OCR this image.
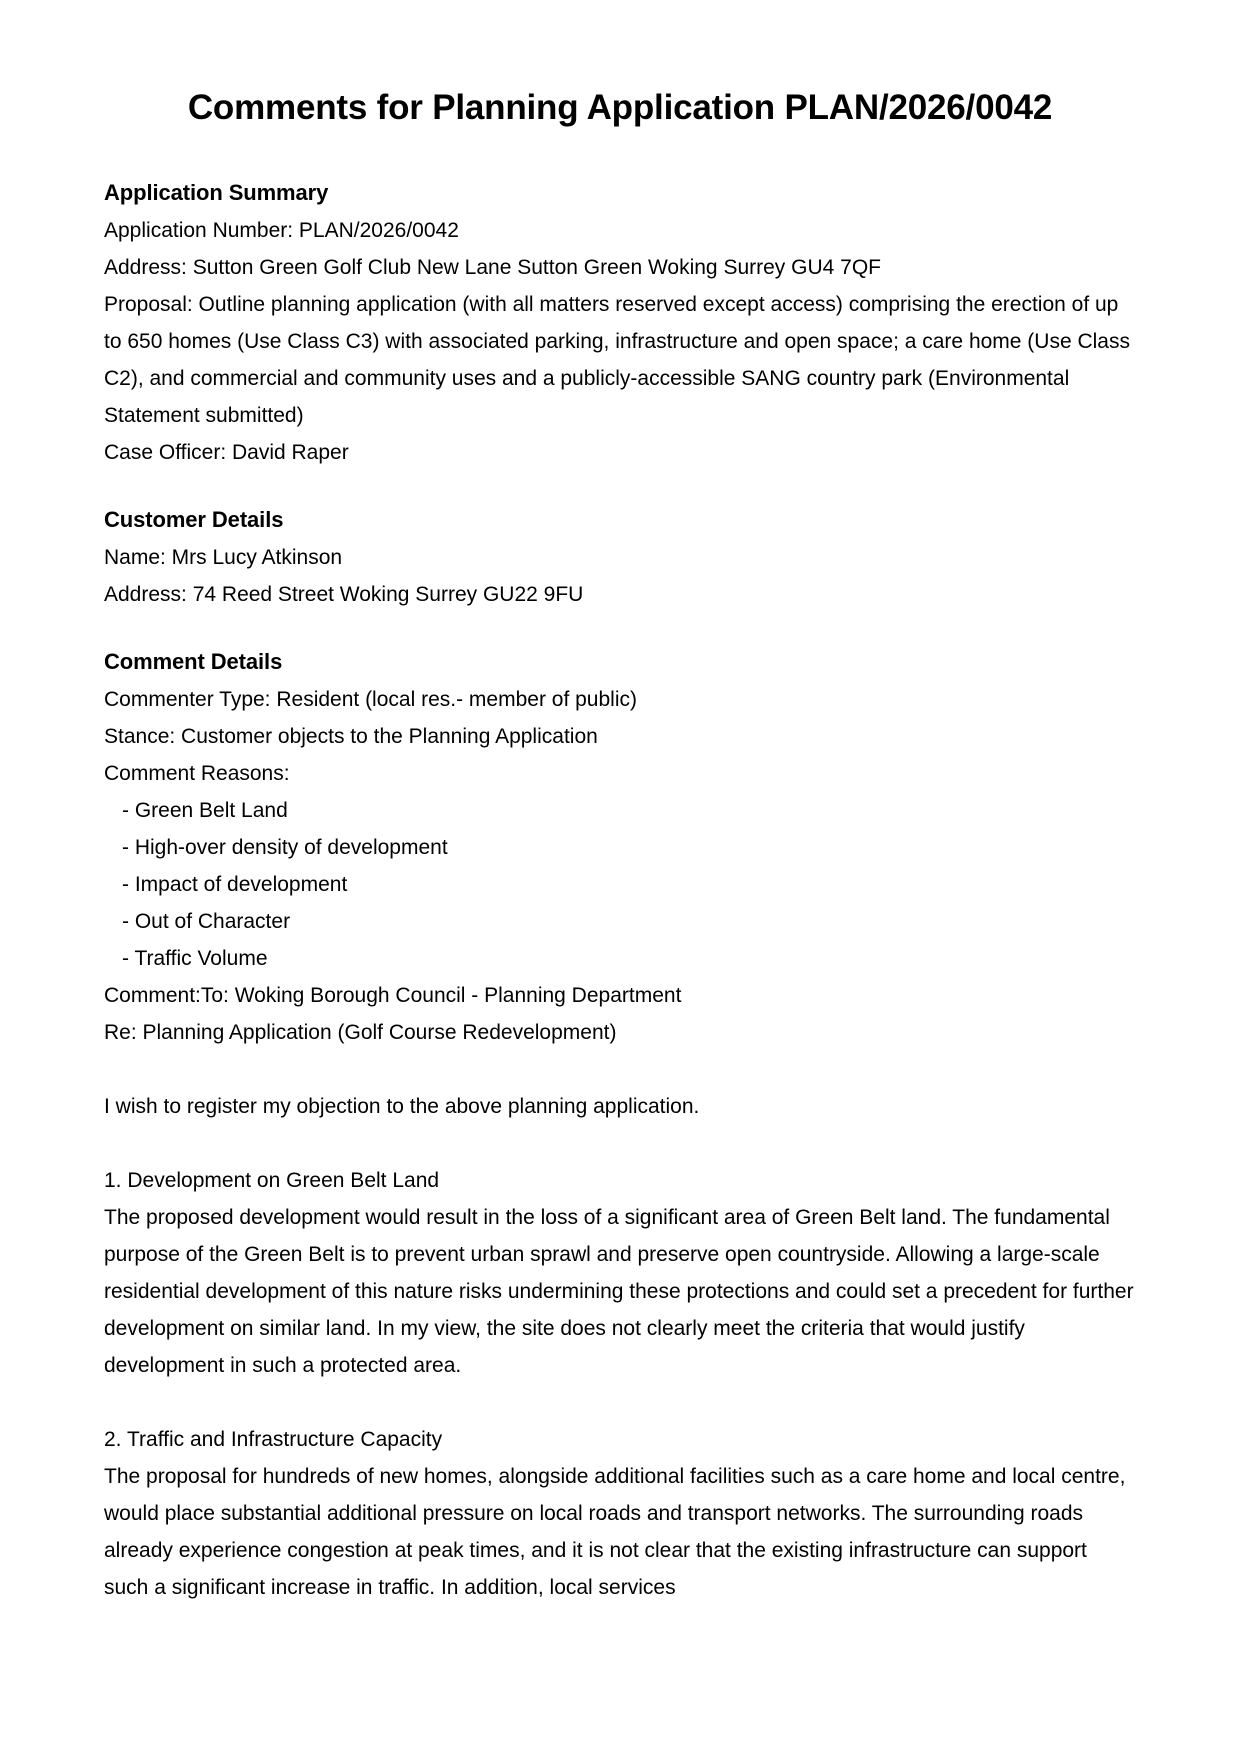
Comments for Planning Application PLAN/2026/0042
Application Summary

Application Number: PLAN/2026/0042

Address: Sutton Green Golf Club New Lane Sutton Green Woking Surrey GU4 7QF

Proposal: Outline planning application (with all matters reserved except access) comprising the erection of up to 650 homes (Use Class C3) with associated parking, infrastructure and open space; a care home (Use Class C2), and commercial and community uses and a publicly-accessible SANG country park (Environmental Statement submitted)

Case Officer: David Raper

Customer Details

Name: Mrs Lucy Atkinson

Address: 74 Reed Street Woking Surrey GU22 9FU

Comment Details

Commenter Type: Resident (local res.- member of public)

Stance: Customer objects to the Planning Application

Comment Reasons:

- Green Belt Land

- High-over density of development

- Impact of development

- Out of Character

- Traffic Volume

Comment:To: Woking Borough Council - Planning Department

Re: Planning Application (Golf Course Redevelopment)

I wish to register my objection to the above planning application.

1. Development on Green Belt Land

The proposed development would result in the loss of a significant area of Green Belt land. The fundamental purpose of the Green Belt is to prevent urban sprawl and preserve open countryside. Allowing a large-scale residential development of this nature risks undermining these protections and could set a precedent for further development on similar land. In my view, the site does not clearly meet the criteria that would justify development in such a protected area.

2. Traffic and Infrastructure Capacity

The proposal for hundreds of new homes, alongside additional facilities such as a care home and local centre, would place substantial additional pressure on local roads and transport networks. The surrounding roads already experience congestion at peak times, and it is not clear that the existing infrastructure can support such a significant increase in traffic. In addition, local services
